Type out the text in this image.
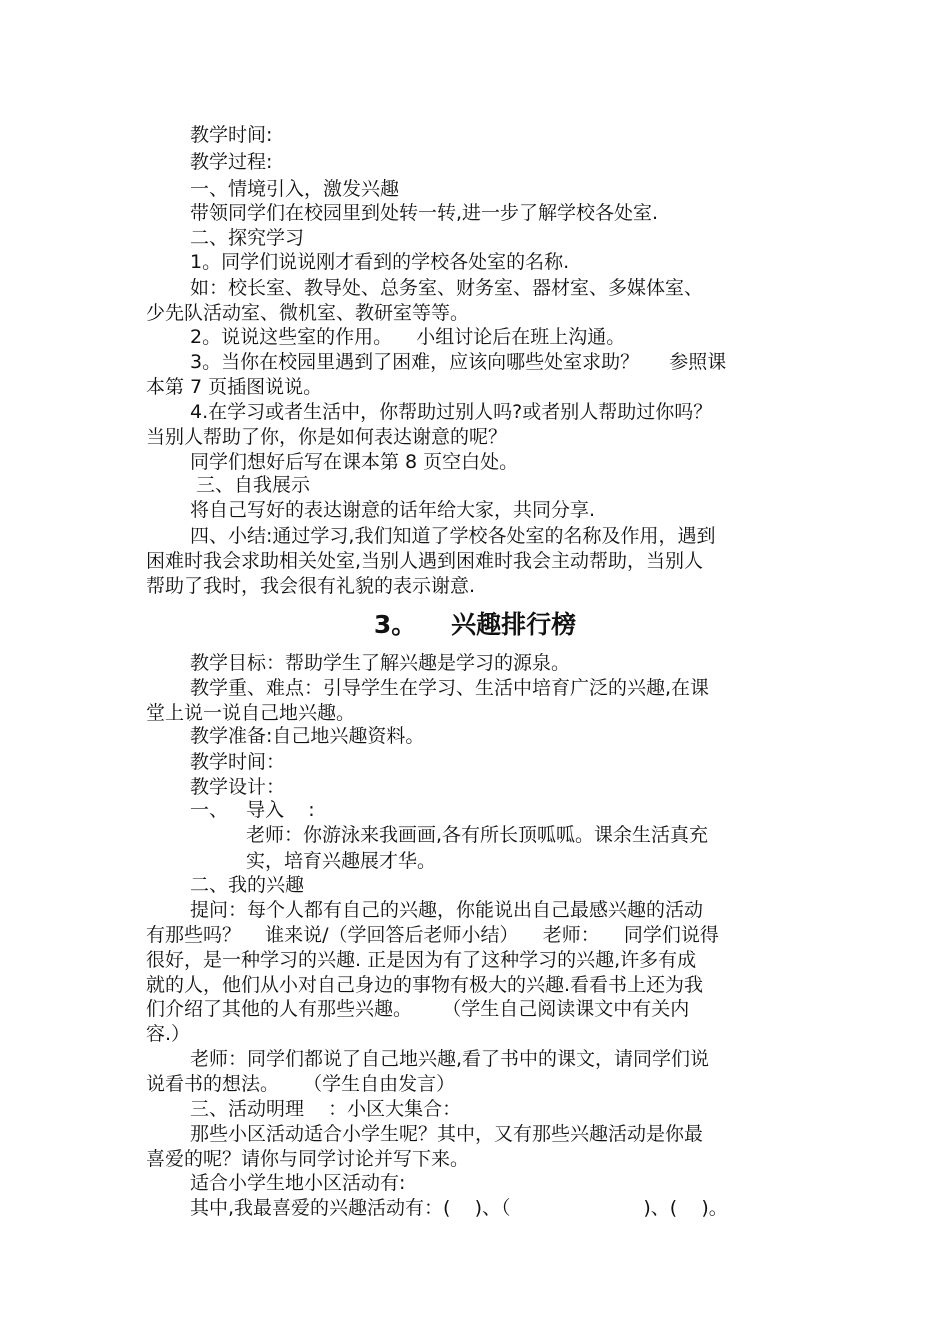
教学时间:
教学过程:
一、情境引入，激发兴趣
带领同学们在校园里到处转一转,进一步了解学校各处室.
二、探究学习
1。同学们说说刚才看到的学校各处室的名称.
如：校长室、教导处、总务室、财务室、器材室、多媒体室、
少先队活动室、微机室、教研室等等。
2。说说这些室的作用。    小组讨论后在班上沟通。
3。当你在校园里遇到了困难，应该向哪些处室求助？     参照课
本第 7 页插图说说。
4.在学习或者生活中，你帮助过别人吗?或者别人帮助过你吗？
当别人帮助了你，你是如何表达谢意的呢？
同学们想好后写在课本第 8 页空白处。
三、自我展示
将自己写好的表达谢意的话年给大家，共同分享.
四、小结:通过学习,我们知道了学校各处室的名称及作用，遇到
困难时我会求助相关处室,当别人遇到困难时我会主动帮助，当别人
帮助了我时，我会很有礼貌的表示谢意.
3。    兴趣排行榜
教学目标：帮助学生了解兴趣是学习的源泉。
教学重、难点：引导学生在学习、生活中培育广泛的兴趣,在课
堂上说一说自己地兴趣。
教学准备:自己地兴趣资料。
教学时间：
教学设计：
一、   导入    :
老师：你游泳来我画画,各有所长顶呱呱。课余生活真充
实，培育兴趣展才华。
二、我的兴趣
提问：每个人都有自己的兴趣，你能说出自己最感兴趣的活动
有那些吗？    谁来说/（学回答后老师小结）    老师：    同学们说得
很好，是一种学习的兴趣. 正是因为有了这种学习的兴趣,许多有成
就的人，他们从小对自己身边的事物有极大的兴趣.看看书上还为我
们介绍了其他的人有那些兴趣。     （学生自己阅读课文中有关内
容.）
老师：同学们都说了自己地兴趣,看了书中的课文，请同学们说
说看书的想法。    （学生自由发言）
三、活动明理    ：小区大集合：
那些小区活动适合小学生呢？其中，又有那些兴趣活动是你最
喜爱的呢？请你与同学讨论并写下来。
适合小学生地小区活动有:
其中,我最喜爱的兴趣活动有：(    )、（                      )、(    )。
